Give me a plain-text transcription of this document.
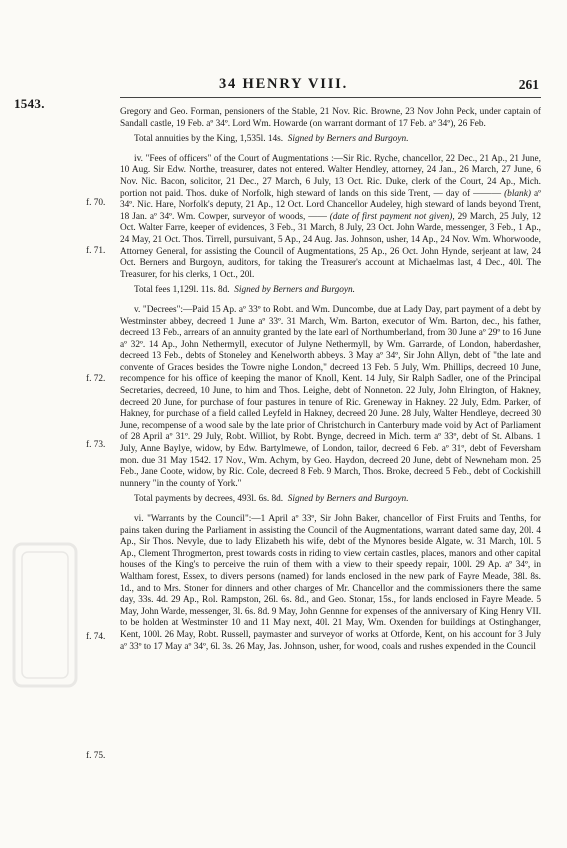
1543.
34 HENRY VIII.	261
f. 70.
f. 71.
f. 72.
f. 73.
f. 74.
f. 75.

Gregory and Geo. Forman, pensioners of the Stable, 21 Nov. Ric. Browne, 23 Nov John Peck, under captain of Sandall castle, 19 Feb. aº 34º. Lord Wm. Howarde (on warrant dormant of 17 Feb. aº 34º), 26 Feb.

Total annuities by the King, 1,535l. 14s. Signed by Berners and Burgoyn.

iv. "Fees of officers" of the Court of Augmentations :—Sir Ric. Ryche, chancellor, 22 Dec., 21 Ap., 21 June, 10 Aug. Sir Edw. Northe, treasurer, dates not entered. Walter Hendley, attorney, 24 Jan., 26 March, 27 June, 6 Nov. Nic. Bacon, solicitor, 21 Dec., 27 March, 6 July, 13 Oct. Ric. Duke, clerk of the Court, 24 Ap., Mich. portion not paid. Thos. duke of Norfolk, high steward of lands on this side Trent, — day of ——— (blank) aº 34º. Nic. Hare, Norfolk's deputy, 21 Ap., 12 Oct. Lord Chancellor Audeley, high steward of lands beyond Trent, 18 Jan. aº 34º. Wm. Cowper, surveyor of woods, —— (date of first payment not given), 29 March, 25 July, 12 Oct. Walter Farre, keeper of evidences, 3 Feb., 31 March, 8 July, 23 Oct. John Warde, messenger, 3 Feb., 1 Ap., 24 May, 21 Oct. Thos. Tirrell, pursuivant, 5 Ap., 24 Aug. Jas. Johnson, usher, 14 Ap., 24 Nov. Wm. Whorwoode, Attorney General, for assisting the Council of Augmentations, 25 Ap., 26 Oct. John Hynde, serjeant at law, 24 Oct. Berners and Burgoyn, auditors, for taking the Treasurer's account at Michaelmas last, 4 Dec., 40l. The Treasurer, for his clerks, 1 Oct., 20l.

Total fees 1,129l. 11s. 8d. Signed by Berners and Burgoyn.

v. "Decrees":—Paid 15 Ap. aº 33º to Robt. and Wm. Duncombe, due at Lady Day, part payment of a debt by Westminster abbey, decreed 1 June aº 33º. 31 March, Wm. Barton, executor of Wm. Barton, dec., his father, decreed 13 Feb., arrears of an annuity granted by the late earl of Northumberland, from 30 June aº 29º to 16 June aº 32º. 14 Ap., John Nethermyll, executor of Julyne Nethermyll, by Wm. Garrarde, of London, haberdasher, decreed 13 Feb., debts of Stoneley and Kenelworth abbeys. 3 May aº 34º, Sir John Allyn, debt of "the late and convente of Graces besides the Towre nighe London," decreed 13 Feb. 5 July, Wm. Phillips, decreed 10 June, recompence for his office of keeping the manor of Knoll, Kent. 14 July, Sir Ralph Sadler, one of the Principal Secretaries, decreed, 10 June, to him and Thos. Leighe, debt of Nonneton. 22 July, John Elrington, of Hakney, decreed 20 June, for purchase of four pastures in tenure of Ric. Greneway in Hakney. 22 July, Edm. Parker, of Hakney, for purchase of a field called Leyfeld in Hakney, decreed 20 June. 28 July, Walter Hendleye, decreed 30 June, recompense of a wood sale by the late prior of Christchurch in Canterbury made void by Act of Parliament of 28 April aº 31º. 29 July, Robt. Williot, by Robt. Bynge, decreed in Mich. term aº 33º, debt of St. Albans. 1 July, Anne Baylye, widow, by Edw. Bartylmewe, of London, tailor, decreed 6 Feb. aº 31º, debt of Feversham mon. due 31 May 1542. 17 Nov., Wm. Achym, by Geo. Haydon, decreed 20 June, debt of Newneham mon. 25 Feb., Jane Coote, widow, by Ric. Cole, decreed 8 Feb. 9 March, Thos. Broke, decreed 5 Feb., debt of Cockishill nunnery "in the county of York."

Total payments by decrees, 493l. 6s. 8d. Signed by Berners and Burgoyn.

vi. "Warrants by the Council":—1 April aº 33º, Sir John Baker, chancellor of First Fruits and Tenths, for pains taken during the Parliament in assisting the Council of the Augmentations, warrant dated same day, 20l. 4 Ap., Sir Thos. Nevyle, due to lady Elizabeth his wife, debt of the Mynores beside Algate, w. 31 March, 10l. 5 Ap., Clement Throgmerton, prest towards costs in riding to view certain castles, places, manors and other capital houses of the King's to perceive the ruin of them with a view to their speedy repair, 100l. 29 Ap. aº 34º, in Waltham forest, Essex, to divers persons (named) for lands enclosed in the new park of Fayre Meade, 38l. 8s. 1d., and to Mrs. Stoner for dinners and other charges of Mr. Chancellor and the commissioners there the same day, 33s. 4d. 29 Ap., Rol. Rampston, 26l. 6s. 8d., and Geo. Stonar, 15s., for lands enclosed in Fayre Meade. 5 May, John Warde, messenger, 3l. 6s. 8d. 9 May, John Gennne for expenses of the anniversary of King Henry VII. to be holden at Westminster 10 and 11 May next, 40l. 21 May, Wm. Oxenden for buildings at Ostinghanger, Kent, 100l. 26 May, Robt. Russell, paymaster and surveyor of works at Otforde, Kent, on his account for 3 July aº 33º to 17 May aº 34º, 6l. 3s. 26 May, Jas. Johnson, usher, for wood, coals and rushes expended in the Council
